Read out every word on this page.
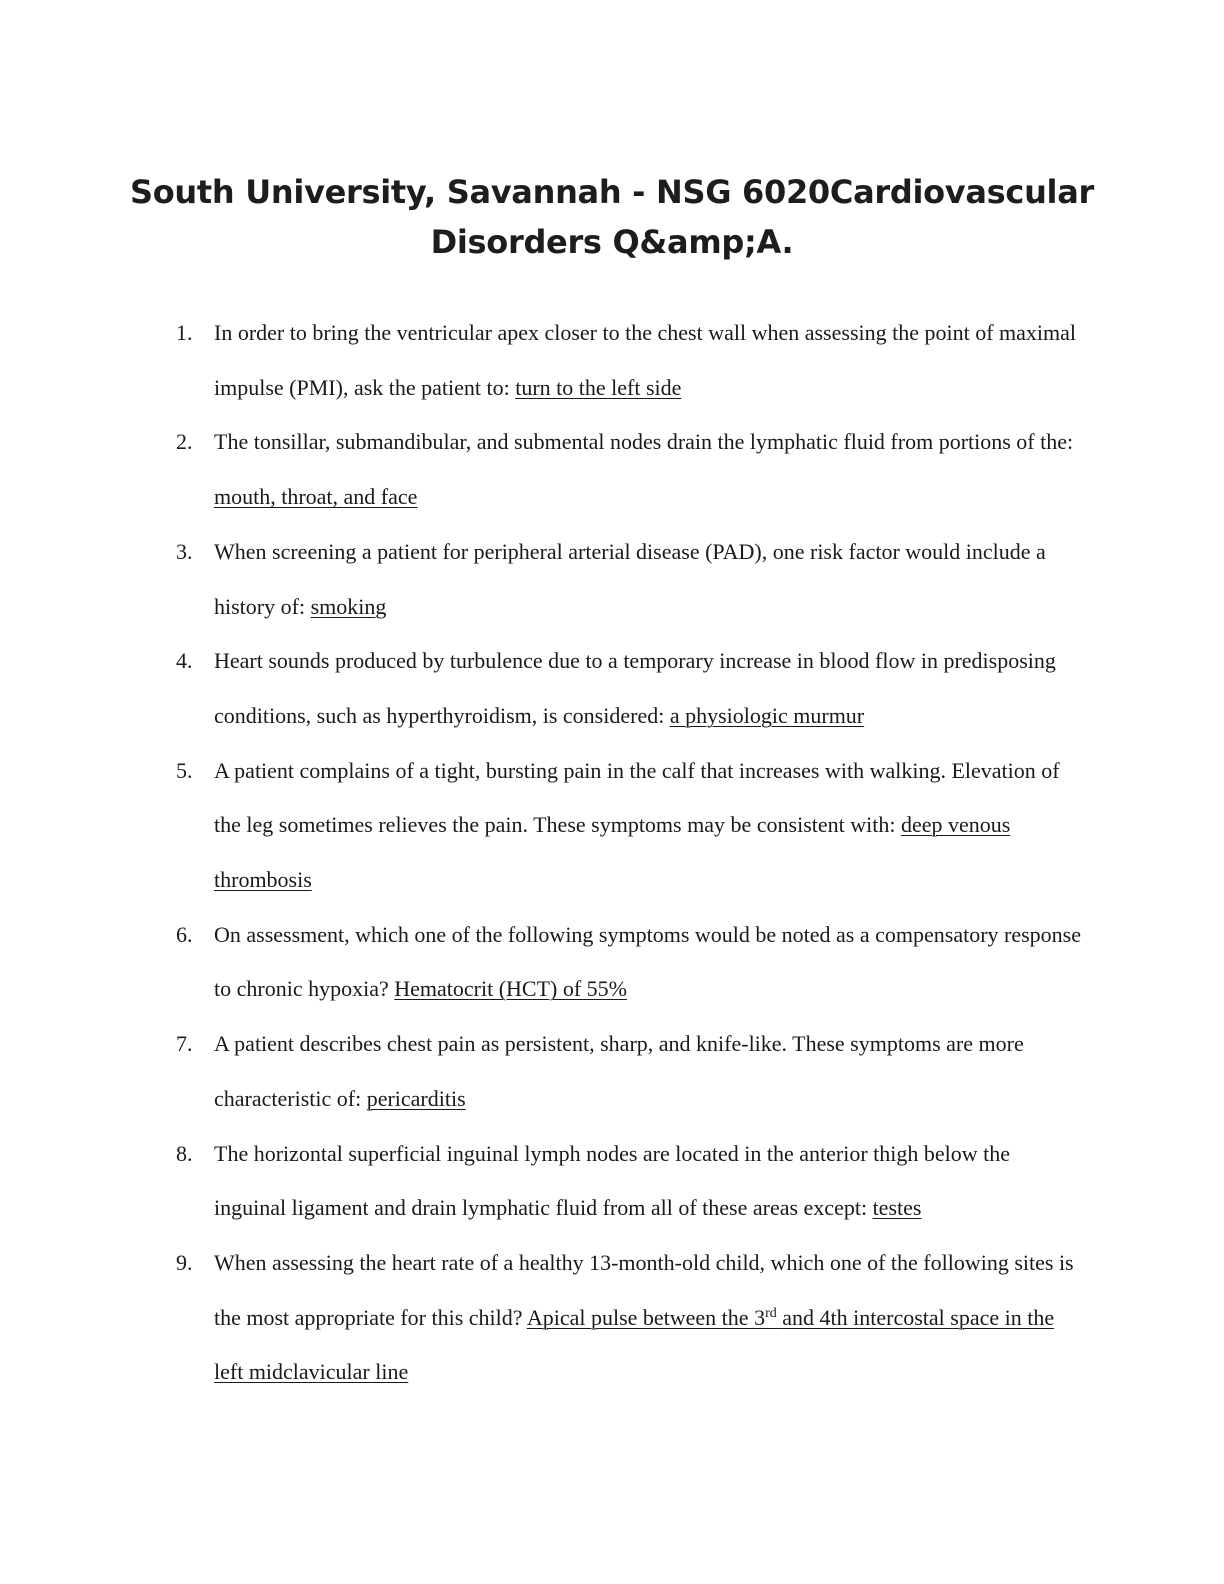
South University, Savannah - NSG 6020Cardiovascular
Disorders Q&amp;A.
1. In order to bring the ventricular apex closer to the chest wall when assessing the point of maximal impulse (PMI), ask the patient to: turn to the left side
2. The tonsillar, submandibular, and submental nodes drain the lymphatic fluid from portions of the: mouth, throat, and face
3. When screening a patient for peripheral arterial disease (PAD), one risk factor would include a history of: smoking
4. Heart sounds produced by turbulence due to a temporary increase in blood flow in predisposing conditions, such as hyperthyroidism, is considered: a physiologic murmur
5. A patient complains of a tight, bursting pain in the calf that increases with walking. Elevation of the leg sometimes relieves the pain. These symptoms may be consistent with: deep venous thrombosis
6. On assessment, which one of the following symptoms would be noted as a compensatory response to chronic hypoxia? Hematocrit (HCT) of 55%
7. A patient describes chest pain as persistent, sharp, and knife-like. These symptoms are more characteristic of: pericarditis
8. The horizontal superficial inguinal lymph nodes are located in the anterior thigh below the inguinal ligament and drain lymphatic fluid from all of these areas except: testes
9. When assessing the heart rate of a healthy 13-month-old child, which one of the following sites is the most appropriate for this child? Apical pulse between the 3rd and 4th intercostal space in the left midclavicular line
